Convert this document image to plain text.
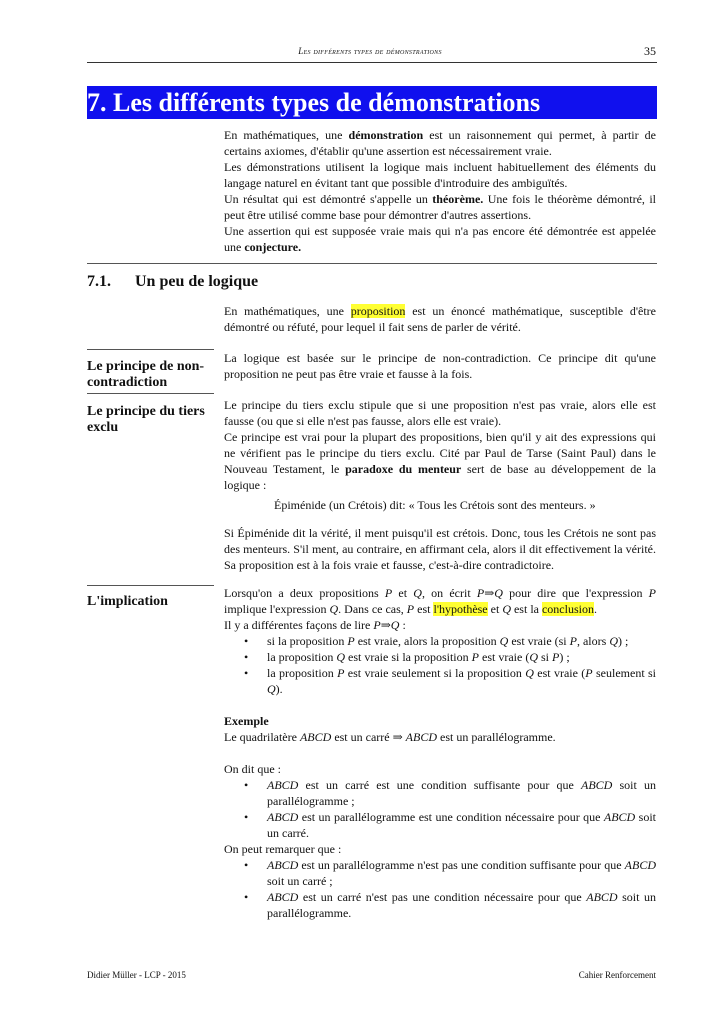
Les différents types de démonstrations	35
7. Les différents types de démonstrations

En mathématiques, une démonstration est un raisonnement qui permet, à partir de certains axiomes, d'établir qu'une assertion est nécessairement vraie.

Les démonstrations utilisent la logique mais incluent habituellement des éléments du langage naturel en évitant tant que possible d'introduire des ambiguïtés.

Un résultat qui est démontré s'appelle un théorème. Une fois le théorème démontré, il peut être utilisé comme base pour démontrer d'autres assertions.

Une assertion qui est supposée vraie mais qui n'a pas encore été démontrée est appelée une conjecture.

7.1.  Un peu de logique

En mathématiques, une proposition est un énoncé mathématique, susceptible d'être démontré ou réfuté, pour lequel il fait sens de parler de vérité.

Le principe de non-contradiction
La logique est basée sur le principe de non-contradiction. Ce principe dit qu'une proposition ne peut pas être vraie et fausse à la fois.
Le principe du tiers exclu

Le principe du tiers exclu stipule que si une proposition n'est pas vraie, alors elle est fausse (ou que si elle n'est pas fausse, alors elle est vraie).

Ce principe est vrai pour la plupart des propositions, bien qu'il y ait des expressions qui ne vérifient pas le principe du tiers exclu. Cité par Paul de Tarse (Saint Paul) dans le Nouveau Testament, le paradoxe du menteur sert de base au développement de la logique :

Épiménide (un Crétois) dit: « Tous les Crétois sont des menteurs. »

Si Épiménide dit la vérité, il ment puisqu'il est crétois. Donc, tous les Crétois ne sont pas des menteurs. S'il ment, au contraire, en affirmant cela, alors il dit effectivement la vérité. Sa proposition est à la fois vraie et fausse, c'est-à-dire contradictoire.

L'implication

Lorsqu'on a deux propositions P et Q, on écrit P⇒Q pour dire que l'expression P implique l'expression Q. Dans ce cas, P est l'hypothèse et Q est la conclusion.

Il y a différentes façons de lire P⇒Q :

• si la proposition P est vraie, alors la proposition Q est vraie (si P, alors Q) ;
• la proposition Q est vraie si la proposition P est vraie (Q si P) ;
• la proposition P est vraie seulement si la proposition Q est vraie (P seulement si Q).

Exemple

Le quadrilatère ABCD est un carré ⇒ ABCD est un parallélogramme.

On dit que :

• ABCD est un carré est une condition suffisante pour que ABCD soit un parallélogramme ;
• ABCD est un parallélogramme est une condition nécessaire pour que ABCD soit un carré.

On peut remarquer que :

• ABCD est un parallélogramme n'est pas une condition suffisante pour que ABCD soit un carré ;
• ABCD est un carré n'est pas une condition nécessaire pour que ABCD soit un parallélogramme.
Didier Müller - LCP - 2015	Cahier Renforcement
